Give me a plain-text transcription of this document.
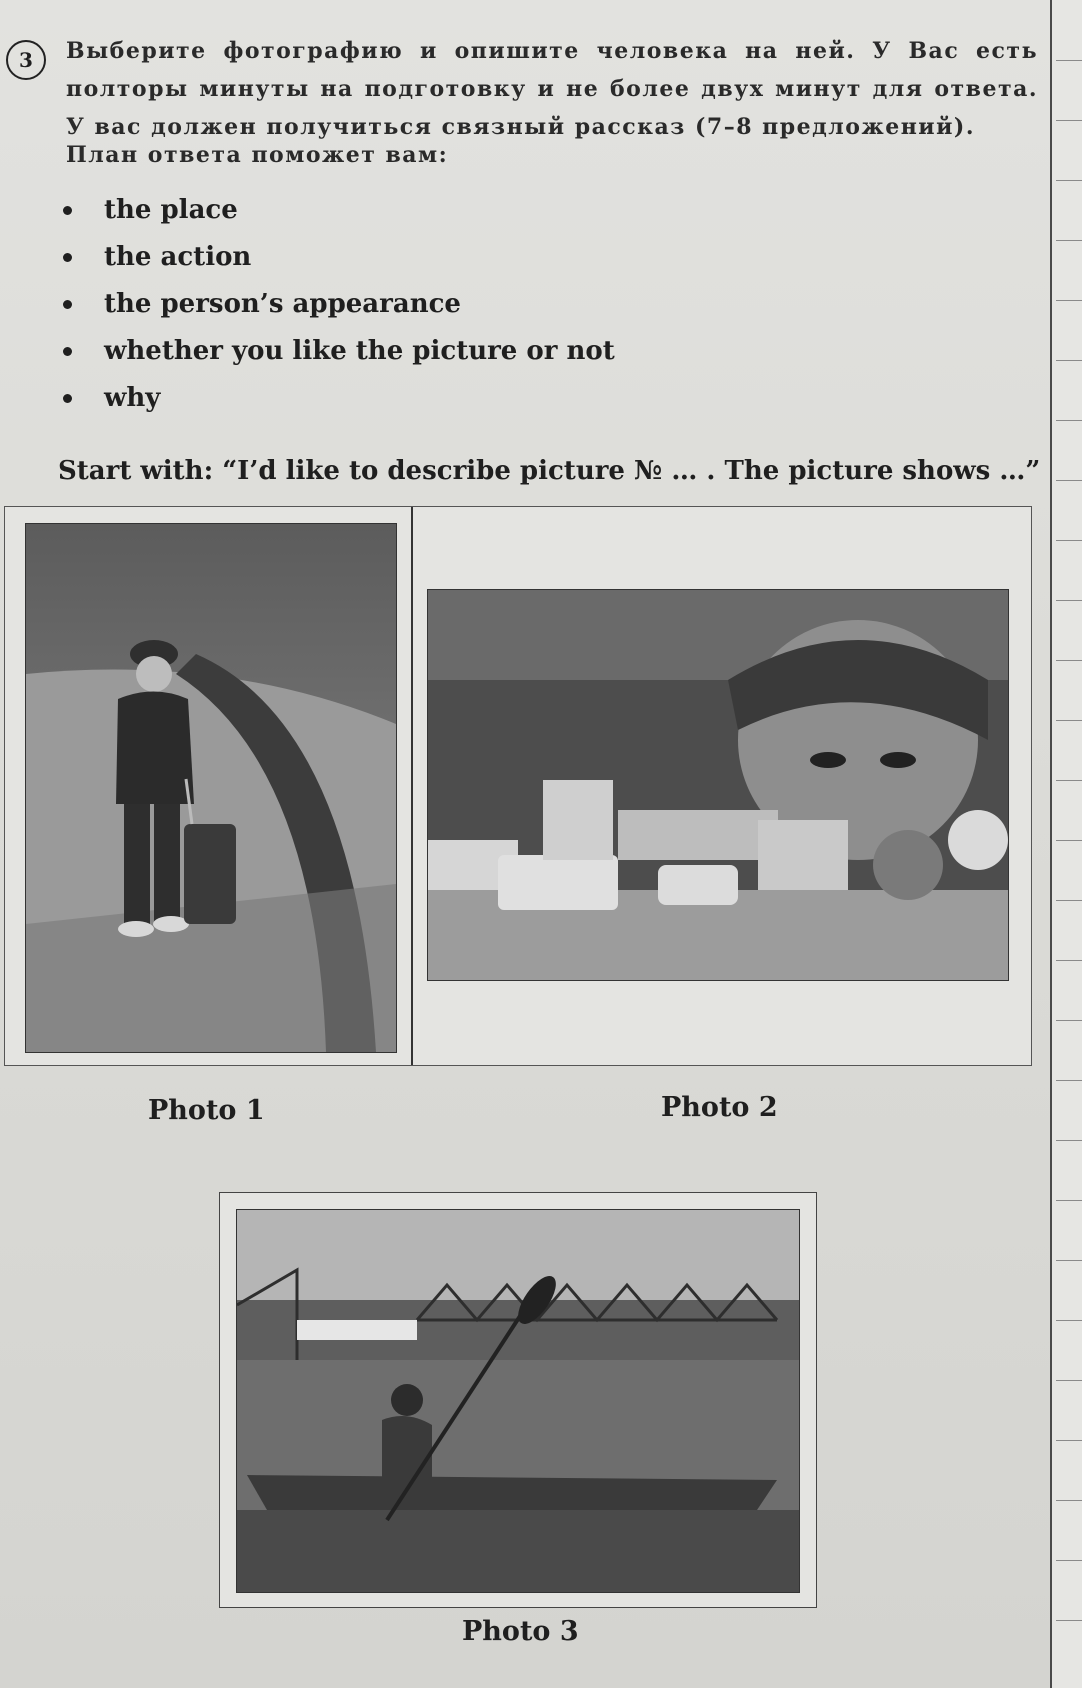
3	Выберите фотографию и опишите человека на ней. У Вас есть полторы минуты на подготовку и не более двух минут для ответа. У вас должен получиться связный рассказ (7–8 предложений).
План ответа поможет вам:
the place
the action
the person’s appearance
whether you like the picture or not
why
Start with: “I’d like to describe picture № … . The picture shows …”
Photo 1	Photo 2
Photo 3
